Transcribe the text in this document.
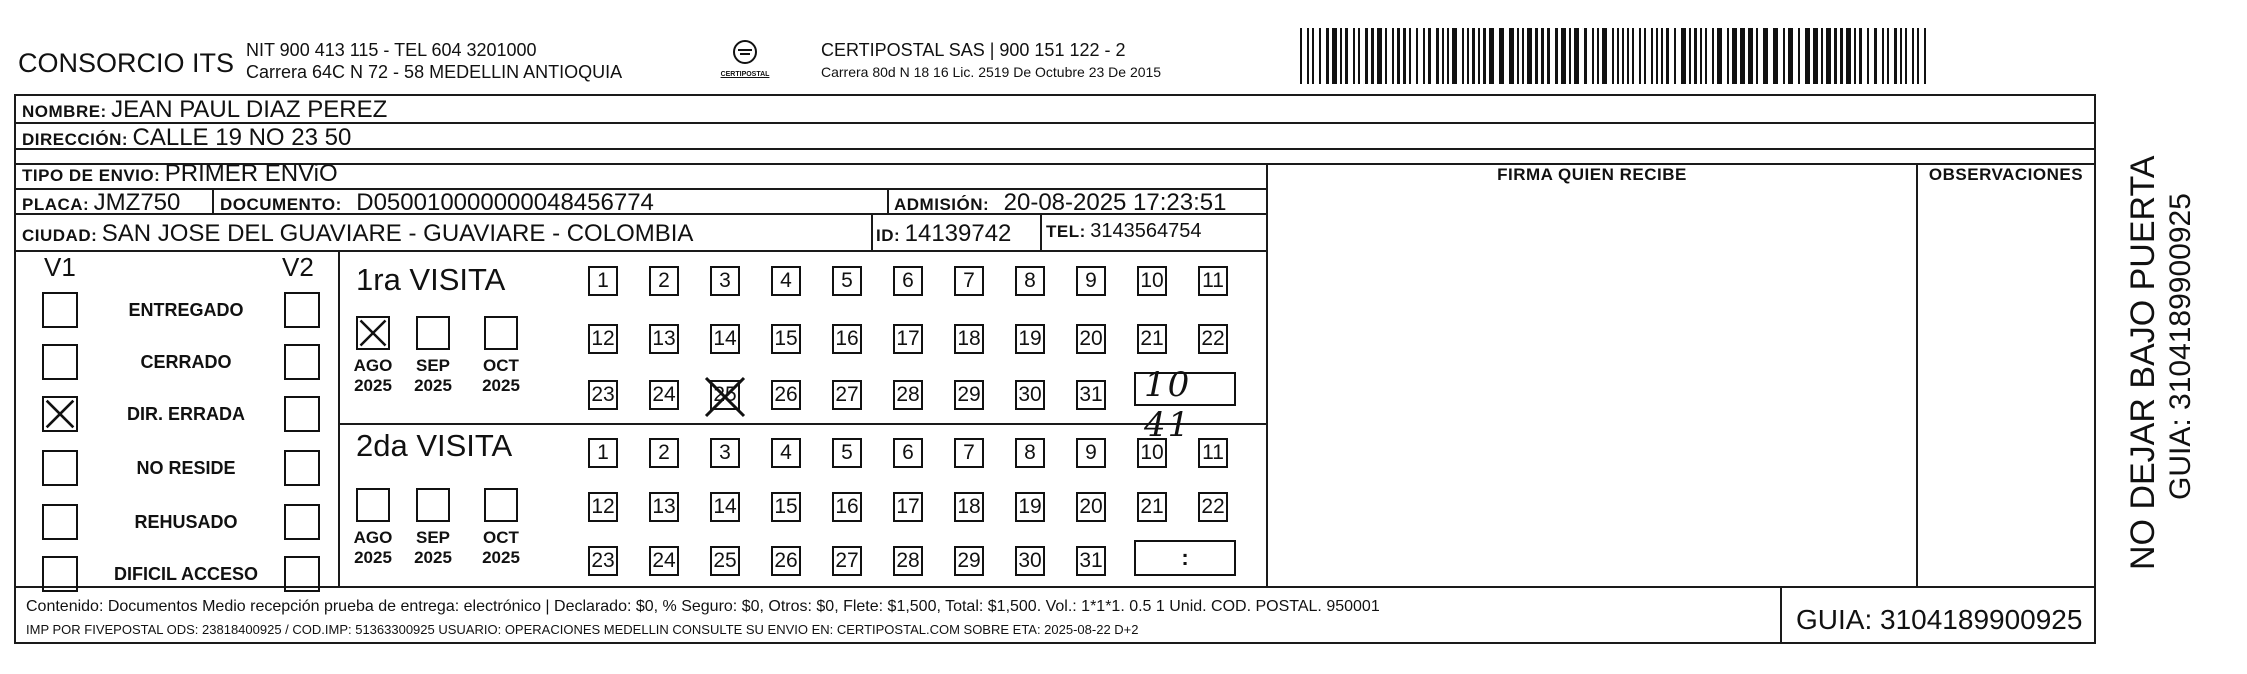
CONSORCIO ITS NIT 900 413 115 - TEL 604 3201000
Carrera 64C N 72 - 58 MEDELLIN ANTIOQUIA	CERTIPOSTAL
CERTIPOSTAL SAS | 900 151 122 - 2
Carrera 80d N 18 16 Lic. 2519 De Octubre 23 De 2015
NOMBRE: JEAN PAUL DIAZ PEREZ
DIRECCIÓN: CALLE 19 NO 23 50
TIPO DE ENVIO: PRIMER ENViO
PLACA: JMZ750 DOCUMENTO: D050010000000048456774	ADMISIÓN: 20-08-2025 17:23:51
CIUDAD: SAN JOSE DEL GUAVIARE - GUAVIARE - COLOMBIA	ID: 14139742 TEL: 3143564754
FIRMA QUIEN RECIBE	OBSERVACIONES
V1	V2
ENTREGADO
CERRADO
DIR. ERRADA
NO RESIDE
REHUSADO
DIFICIL ACCESO
1ra VISITA
2da VISITA
AGO
2025
SEP
2025
OCT
2025
AGO
2025
SEP
2025
OCT
2025
1	2	3	4	5	6	7	8	9	10 11
12 13 14 15 16 17 18 19 20 21 22
23 24 25 26 27 28 29 30 31
1	2	3	4	5	6	7	8	9	10 11
12 13 14 15 16 17 18 19 20 21 22
23 24 25 26 27 28 29 30 31
10 41
:
Contenido: Documentos Medio recepción prueba de entrega: electrónico | Declarado: $0, % Seguro: $0, Otros: $0, Flete: $1,500, Total: $1,500. Vol.: 1*1*1. 0.5 1 Unid. COD. POSTAL. 950001
IMP POR FIVEPOSTAL ODS: 23818400925 / COD.IMP: 51363300925 USUARIO: OPERACIONES MEDELLIN CONSULTE SU ENVIO EN: CERTIPOSTAL.COM SOBRE ETA: 2025-08-22 D+2	GUIA: 3104189900925
NO DEJAR BAJO PUERTA GUIA: 3104189900925
